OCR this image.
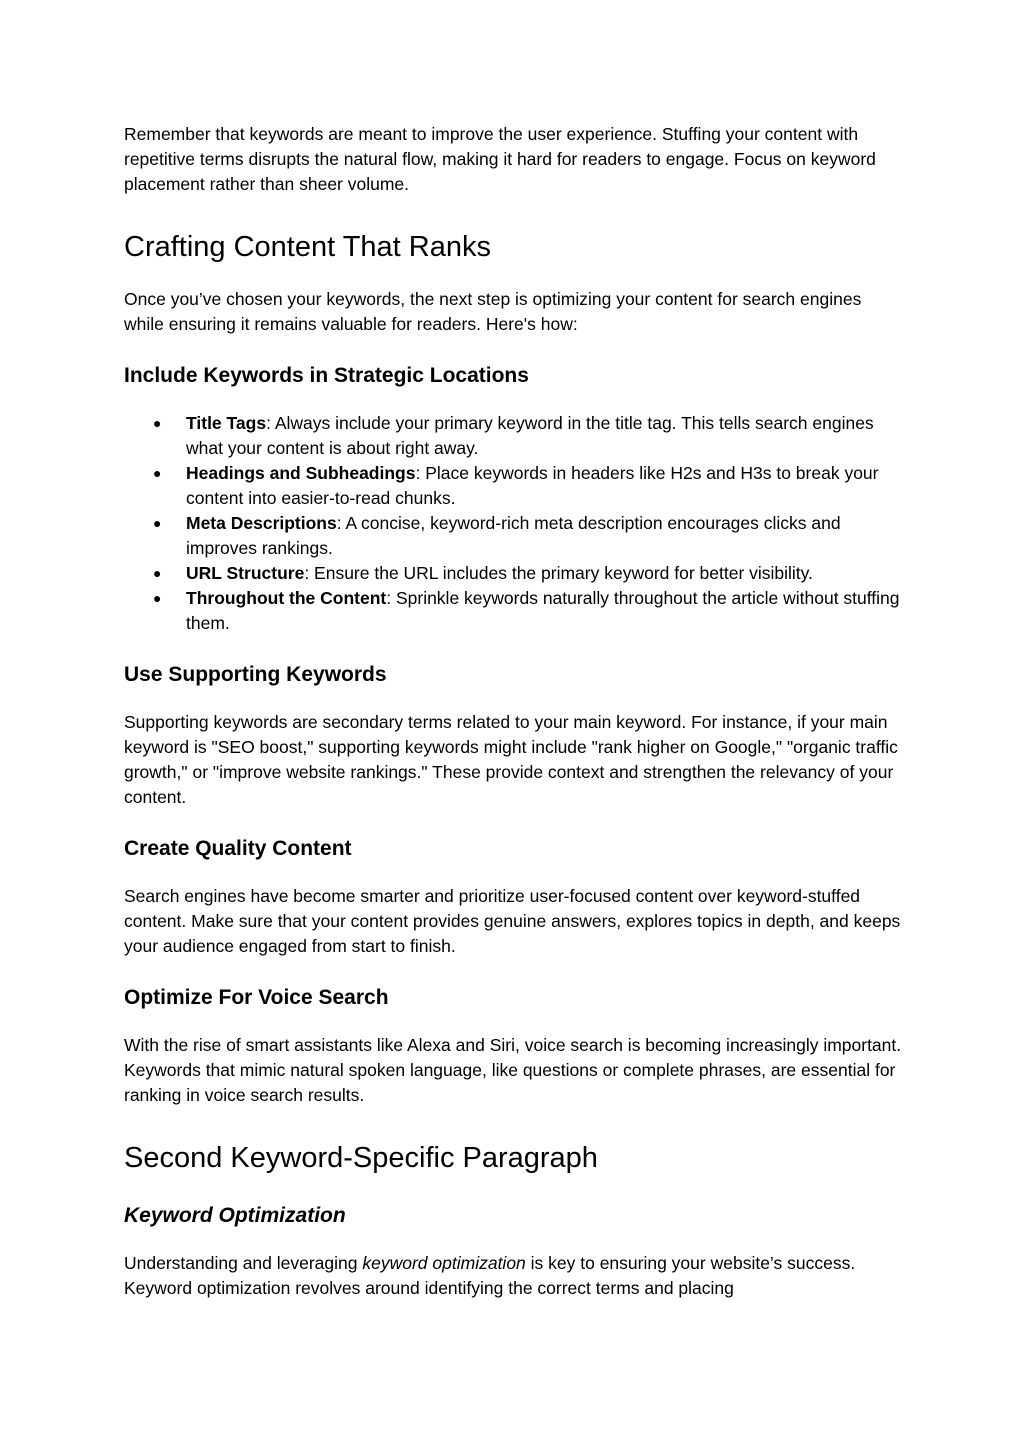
Remember that keywords are meant to improve the user experience. Stuffing your content with repetitive terms disrupts the natural flow, making it hard for readers to engage. Focus on keyword placement rather than sheer volume.

Crafting Content That Ranks

Once you’ve chosen your keywords, the next step is optimizing your content for search engines while ensuring it remains valuable for readers. Here's how:

Include Keywords in Strategic Locations
● Title Tags: Always include your primary keyword in the title tag. This tells search engines what your content is about right away.
● Headings and Subheadings: Place keywords in headers like H2s and H3s to break your content into easier-to-read chunks.
● Meta Descriptions: A concise, keyword-rich meta description encourages clicks and improves rankings.
● URL Structure: Ensure the URL includes the primary keyword for better visibility.
● Throughout the Content: Sprinkle keywords naturally throughout the article without stuffing them.
Use Supporting Keywords

Supporting keywords are secondary terms related to your main keyword. For instance, if your main keyword is "SEO boost," supporting keywords might include "rank higher on Google," "organic traffic growth," or "improve website rankings." These provide context and strengthen the relevancy of your content.

Create Quality Content

Search engines have become smarter and prioritize user-focused content over keyword-stuffed content. Make sure that your content provides genuine answers, explores topics in depth, and keeps your audience engaged from start to finish.

Optimize For Voice Search

With the rise of smart assistants like Alexa and Siri, voice search is becoming increasingly important. Keywords that mimic natural spoken language, like questions or complete phrases, are essential for ranking in voice search results.

Second Keyword-Specific Paragraph
Keyword Optimization

Understanding and leveraging keyword optimization is key to ensuring your website’s success. Keyword optimization revolves around identifying the correct terms and placing
